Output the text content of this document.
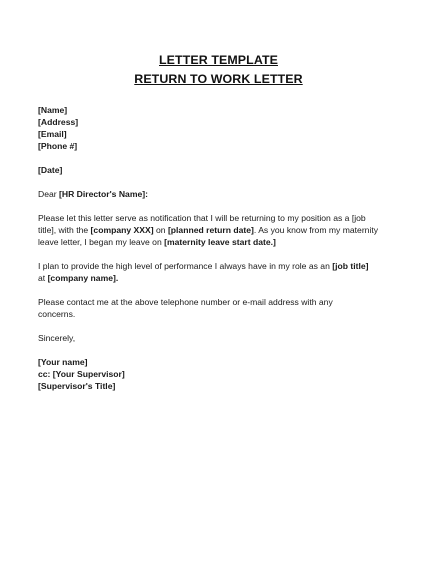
LETTER TEMPLATE
RETURN TO WORK LETTER
[Name]
[Address]
[Email]
[Phone #]
[Date]
Dear [HR Director's Name]:
Please let this letter serve as notification that I will be returning to my position as a [job
title], with the [company XXX] on [planned return date]. As you know from my maternity
leave letter, I began my leave on [maternity leave start date.]
I plan to provide the high level of performance I always have in my role as an [job title]
at [company name].
Please contact me at the above telephone number or e-mail address with any
concerns.
Sincerely,
[Your name]
cc: [Your Supervisor]
[Supervisor's Title]
